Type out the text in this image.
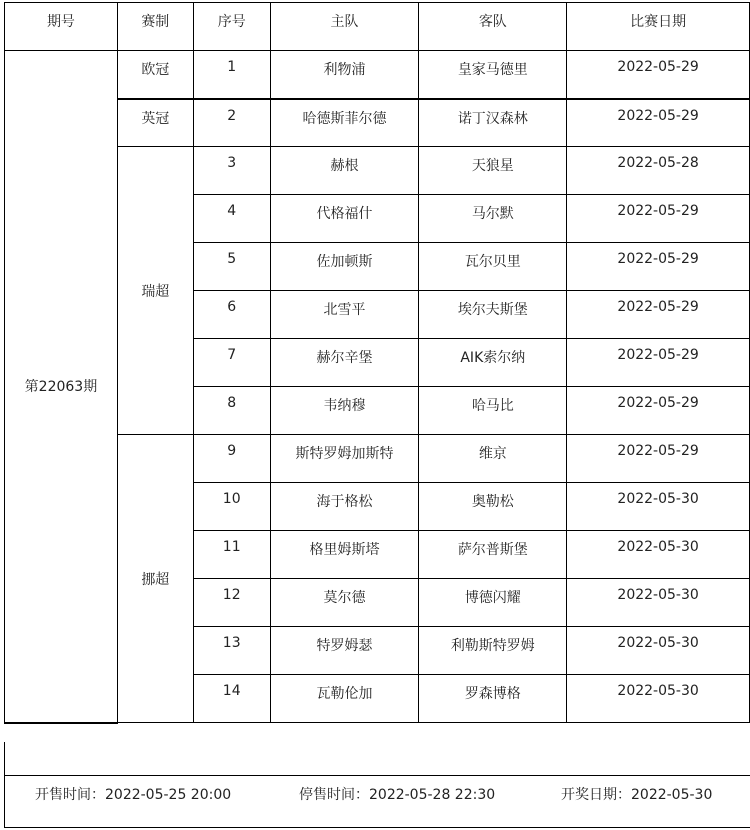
期号	赛制	序号	主队	客队	比赛日期
第22063期	欧冠	1	利物浦	皇家马德里	2022-05-29
	英冠	2	哈德斯菲尔德	诺丁汉森林	2022-05-29
	瑞超	3	赫根	天狼星	2022-05-28
		4	代格福什	马尔默	2022-05-29
		5	佐加顿斯	瓦尔贝里	2022-05-29
		6	北雪平	埃尔夫斯堡	2022-05-29
		7	赫尔辛堡	AIK索尔纳	2022-05-29
		8	韦纳穆	哈马比	2022-05-29
	挪超	9	斯特罗姆加斯特	维京	2022-05-29
		10	海于格松	奥勒松	2022-05-30
		11	格里姆斯塔	萨尔普斯堡	2022-05-30
		12	莫尔德	博德闪耀	2022-05-30
		13	特罗姆瑟	利勒斯特罗姆	2022-05-30
		14	瓦勒伦加	罗森博格	2022-05-30
开售时间：2022-05-25 20:00	停售时间：2022-05-28 22:30	开奖日期：2022-05-30
